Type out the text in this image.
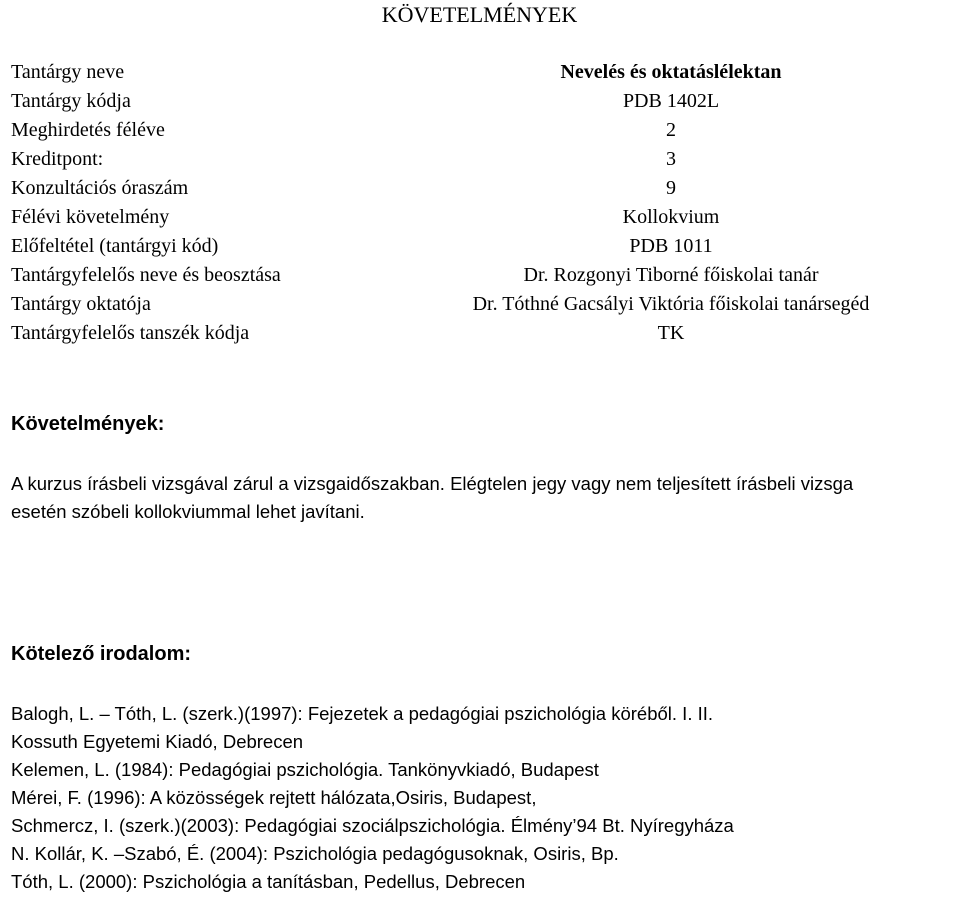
KÖVETELMÉNYEK
Tantárgy neve	Nevelés és oktatáslélektan
Tantárgy kódja	PDB 1402L
Meghirdetés féléve	2
Kreditpont:	3
Konzultációs óraszám	9
Félévi követelmény	Kollokvium
Előfeltétel (tantárgyi kód)	PDB 1011
Tantárgyfelelős neve és beosztása	Dr. Rozgonyi Tiborné főiskolai tanár
Tantárgy oktatója	Dr. Tóthné Gacsályi Viktória főiskolai tanársegéd
Tantárgyfelelős tanszék kódja	TK
Követelmények:
A kurzus írásbeli vizsgával zárul a vizsgaidőszakban. Elégtelen jegy vagy nem teljesített írásbeli vizsga esetén szóbeli kollokviummal lehet javítani.
Kötelező irodalom:
Balogh, L. – Tóth, L. (szerk.)(1997): Fejezetek a pedagógiai pszichológia köréből. I. II.
Kossuth Egyetemi Kiadó, Debrecen
Kelemen, L. (1984): Pedagógiai pszichológia. Tankönyvkiadó, Budapest
Mérei, F. (1996): A közösségek rejtett hálózata,Osiris, Budapest,
Schmercz, I. (szerk.)(2003): Pedagógiai szociálpszichológia. Élmény’94 Bt. Nyíregyháza
N. Kollár, K. –Szabó, É. (2004): Pszichológia pedagógusoknak, Osiris, Bp.
Tóth, L. (2000): Pszichológia a tanításban, Pedellus, Debrecen
